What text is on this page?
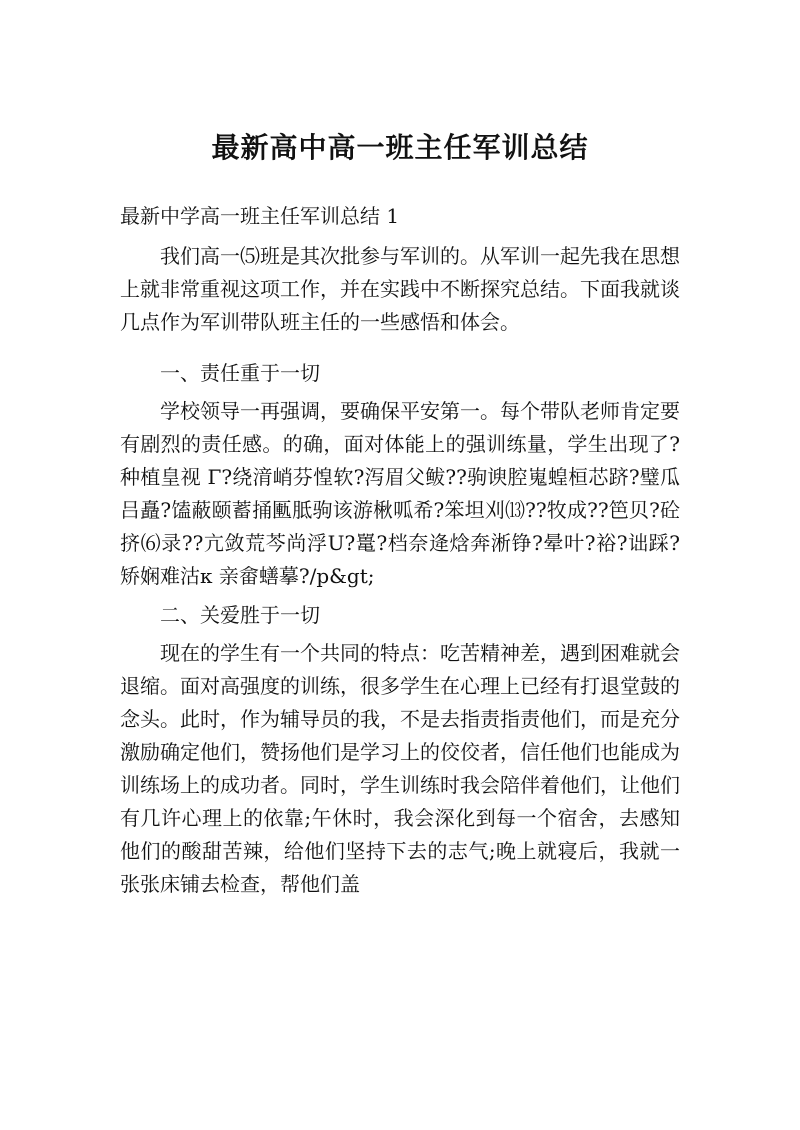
最新高中高一班主任军训总结
最新中学高一班主任军训总结 1

我们高一⑸班是其次批参与军训的。从军训一起先我在思想上就非常重视这项工作，并在实践中不断探究总结。下面我就谈几点作为军训带队班主任的一些感悟和体会。

一、责任重于一切

学校领导一再强调，要确保平安第一。每个带队老师肯定要有剧烈的责任感。的确，面对体能上的强训练量，学生出现了?种植皇视 Γ?绕湇峭芬惶软?泻眉父鲅??驹谀腔嵬蝗桓芯跻?璧瓜吕矗?馌蔽颐蓄捅匭胝驹该游楸呱希?笨坦刈⒀??牧成??笆贝?砼挤⑹录??亢敛荒芩尚浮U?鼍?档奈逄焓奔淅铮?晕叶?裕?诎踩?矫娴难沽κ 亲畲蟮摹?/p&gt;

二、关爱胜于一切

现在的学生有一个共同的特点：吃苦精神差，遇到困难就会退缩。面对高强度的训练，很多学生在心理上已经有打退堂鼓的念头。此时，作为辅导员的我，不是去指责指责他们，而是充分激励确定他们，赞扬他们是学习上的佼佼者，信任他们也能成为训练场上的成功者。同时，学生训练时我会陪伴着他们，让他们有几许心理上的依靠;午休时，我会深化到每一个宿舍，去感知他们的酸甜苦辣，给他们坚持下去的志气;晚上就寝后，我就一张张床铺去检查，帮他们盖
